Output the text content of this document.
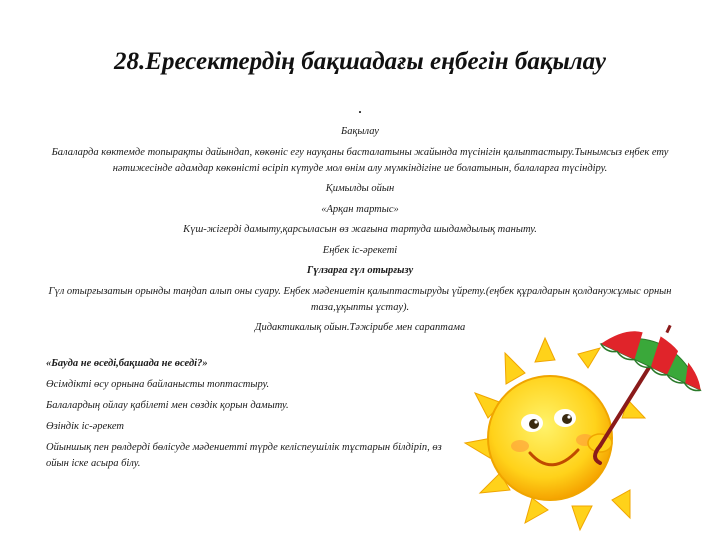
28.Ересектердің бақшадағы еңбегін бақылау
.

Бақылау

Балаларда көктемде топырақты дайындап, көкөніс егу науқаны басталатыны жайында түсінігін қалыптастыру.Тынымсыз еңбек ету нәтижесінде адамдар көкөністі өсіріп күтуде мол өнім алу мүмкіндігіне ие болатынын, балаларға түсіндіру.

Қимылды ойын

«Арқан тартыс»

Күш-жігерді дамыту,қарсыласын өз жағына тартуда шыдамдылық таныту.

Еңбек іс-әрекеті

Гүлзарға гүл отырғызу

Гүл отырғызатын орынды таңдап алып оны суару. Еңбек мәдениетін қалыптастыруды үйрету.(еңбек құралдарын қолданужұмыс орнын таза,ұқыпты ұстау).

Дидактикалық ойын.Тәжірибе мен сараптама

«Бауда не өседі,бақшада не өседі?»

Өсімдікті өсу орнына байланысты топтастыру.

Балалардың ойлау қабілеті мен сөздік қорын дамыту.

Өзіндік іс-әрекет

Ойыншық пен рөлдерді бөлісуде мәдениетті түрде келіспеушілік тұстарын білдіріп, өз ойын іске асыра білу.
